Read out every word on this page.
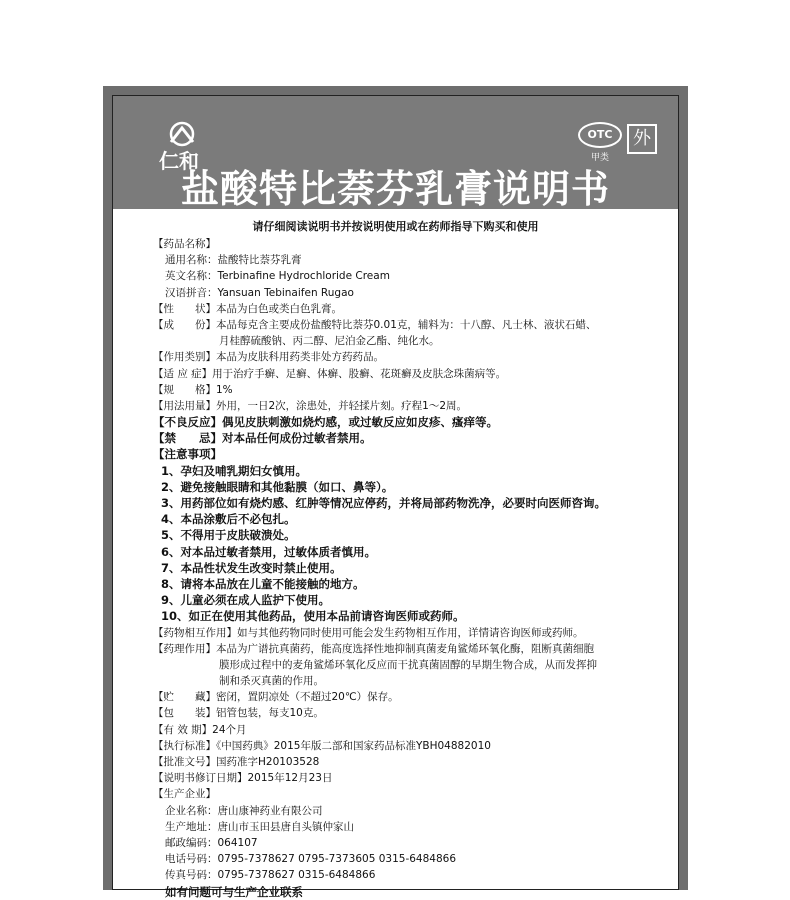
仁和
OTC
甲类
外
盐酸特比萘芬乳膏说明书
请仔细阅读说明书并按说明使用或在药师指导下购买和使用
【药品名称】
通用名称：盐酸特比萘芬乳膏
英文名称：Terbinafine Hydrochloride Cream
汉语拼音：Yansuan Tebinaifen Rugao
【性　　状】本品为白色或类白色乳膏。
【成　　份】本品每克含主要成份盐酸特比萘芬0.01克，辅料为：十八醇、凡士林、液状石蜡、
月桂醇硫酸钠、丙二醇、尼泊金乙酯、纯化水。
【作用类别】本品为皮肤科用药类非处方药药品。
【适 应 症】用于治疗手癣、足癣、体癣、股癣、花斑癣及皮肤念珠菌病等。
【规　　格】1%
【用法用量】外用，一日2次，涂患处，并轻揉片刻。疗程1～2周。
【不良反应】偶见皮肤刺激如烧灼感，或过敏反应如皮疹、瘙痒等。
【禁　　忌】对本品任何成份过敏者禁用。
【注意事项】
1、孕妇及哺乳期妇女慎用。
2、避免接触眼睛和其他黏膜（如口、鼻等）。
3、用药部位如有烧灼感、红肿等情况应停药，并将局部药物洗净，必要时向医师咨询。
4、本品涂敷后不必包扎。
5、不得用于皮肤破溃处。
6、对本品过敏者禁用，过敏体质者慎用。
7、本品性状发生改变时禁止使用。
8、请将本品放在儿童不能接触的地方。
9、儿童必须在成人监护下使用。
10、如正在使用其他药品，使用本品前请咨询医师或药师。
【药物相互作用】如与其他药物同时使用可能会发生药物相互作用，详情请咨询医师或药师。
【药理作用】本品为广谱抗真菌药，能高度选择性地抑制真菌麦角鲨烯环氧化酶，阻断真菌细胞
膜形成过程中的麦角鲨烯环氧化反应而干扰真菌固醇的早期生物合成，从而发挥抑
制和杀灭真菌的作用。
【贮　　藏】密闭，置阴凉处（不超过20℃）保存。
【包　　装】铝管包装，每支10克。
【有 效 期】24个月
【执行标准】《中国药典》2015年版二部和国家药品标准YBH04882010
【批准文号】国药准字H20103528
【说明书修订日期】2015年12月23日
【生产企业】
企业名称：唐山康神药业有限公司
生产地址：唐山市玉田县唐自头镇仲家山
邮政编码：064107
电话号码：0795-7378627 0795-7373605 0315-6484866
传真号码：0795-7378627 0315-6484866
如有问题可与生产企业联系
